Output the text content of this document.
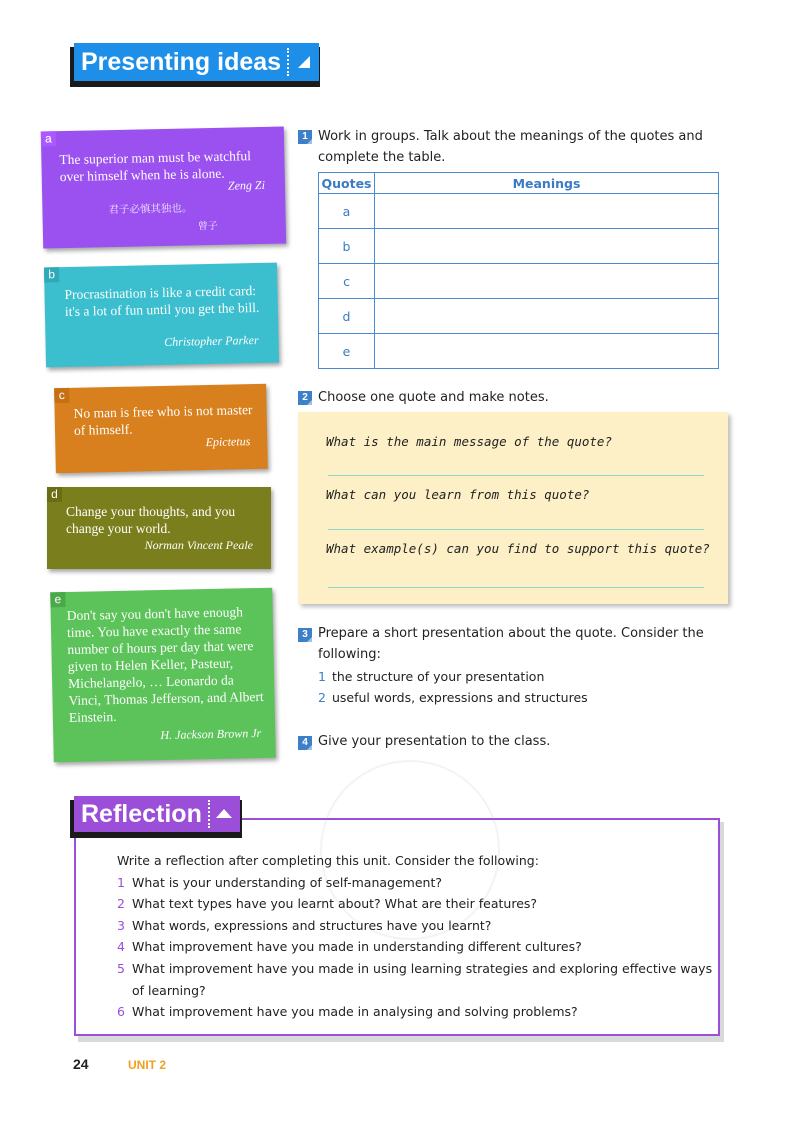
Presenting ideas
a
The superior man must be watchful over himself when he is alone.
Zeng Zi
君子必慎其独也。
曾子
b
Procrastination is like a credit card: it's a lot of fun until you get the bill.
Christopher Parker
c
No man is free who is not master of himself.
Epictetus
d
Change your thoughts, and you change your world.
Norman Vincent Peale
e
Don't say you don't have enough time. You have exactly the same number of hours per day that were given to Helen Keller, Pasteur, Michelangelo, … Leonardo da Vinci, Thomas Jefferson, and Albert Einstein.
H. Jackson Brown Jr
1 Work in groups. Talk about the meanings of the quotes and complete the table.
Quotes	Meanings
a	
b	
c	
d	
e	
2 Choose one quote and make notes.
What is the main message of the quote?
What can you learn from this quote?
What example(s) can you find to support this quote?
3 Prepare a short presentation about the quote. Consider the following:
1 the structure of your presentation
2 useful words, expressions and structures
4 Give your presentation to the class.
Reflection
Write a reflection after completing this unit. Consider the following:
1 What is your understanding of self-management?
2 What text types have you learnt about? What are their features?
3 What words, expressions and structures have you learnt?
4 What improvement have you made in understanding different cultures?
5 What improvement have you made in using learning strategies and exploring effective ways
of learning?
6 What improvement have you made in analysing and solving problems?
24	UNIT 2
